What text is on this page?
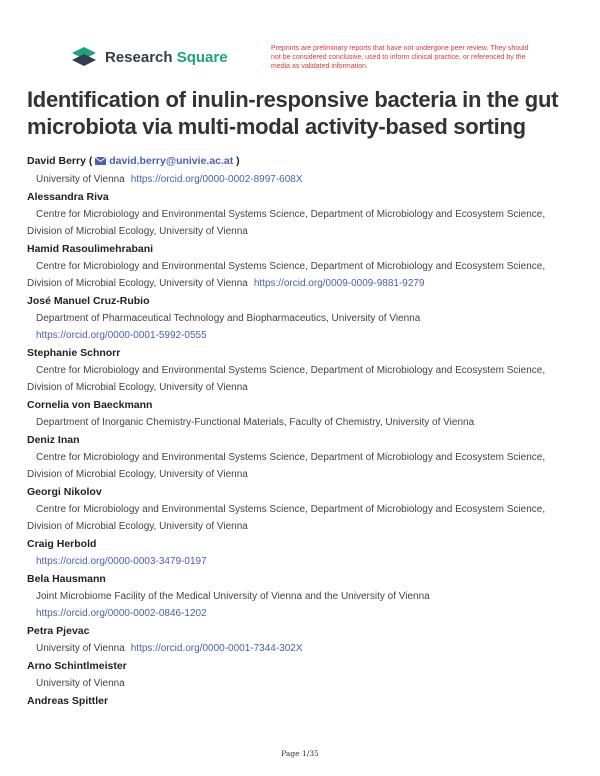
Research Square	Preprints are preliminary reports that have not undergone peer review. They should not be considered conclusive, used to inform clinical practice, or referenced by the media as validated information.
Identification of inulin-responsive bacteria in the gut microbiota via multi-modal activity-based sorting
David Berry (  david.berry@univie.ac.at )

University of Vienna https://orcid.org/0000-0002-8997-608X

Alessandra Riva

Centre for Microbiology and Environmental Systems Science, Department of Microbiology and Ecosystem Science, Division of Microbial Ecology, University of Vienna

Hamid Rasoulimehrabani

Centre for Microbiology and Environmental Systems Science, Department of Microbiology and Ecosystem Science, Division of Microbial Ecology, University of Vienna https://orcid.org/0009-0009-9881-9279

José Manuel Cruz-Rubio

Department of Pharmaceutical Technology and Biopharmaceutics, University of Vienna

https://orcid.org/0000-0001-5992-0555

Stephanie Schnorr

Centre for Microbiology and Environmental Systems Science, Department of Microbiology and Ecosystem Science, Division of Microbial Ecology, University of Vienna

Cornelia von Baeckmann

Department of Inorganic Chemistry-Functional Materials, Faculty of Chemistry, University of Vienna

Deniz Inan

Centre for Microbiology and Environmental Systems Science, Department of Microbiology and Ecosystem Science, Division of Microbial Ecology, University of Vienna

Georgi Nikolov

Centre for Microbiology and Environmental Systems Science, Department of Microbiology and Ecosystem Science, Division of Microbial Ecology, University of Vienna

Craig Herbold

https://orcid.org/0000-0003-3479-0197

Bela Hausmann

Joint Microbiome Facility of the Medical University of Vienna and the University of Vienna

https://orcid.org/0000-0002-0846-1202

Petra Pjevac

University of Vienna https://orcid.org/0000-0001-7344-302X

Arno Schintlmeister

University of Vienna

Andreas Spittler
Page 1/35
